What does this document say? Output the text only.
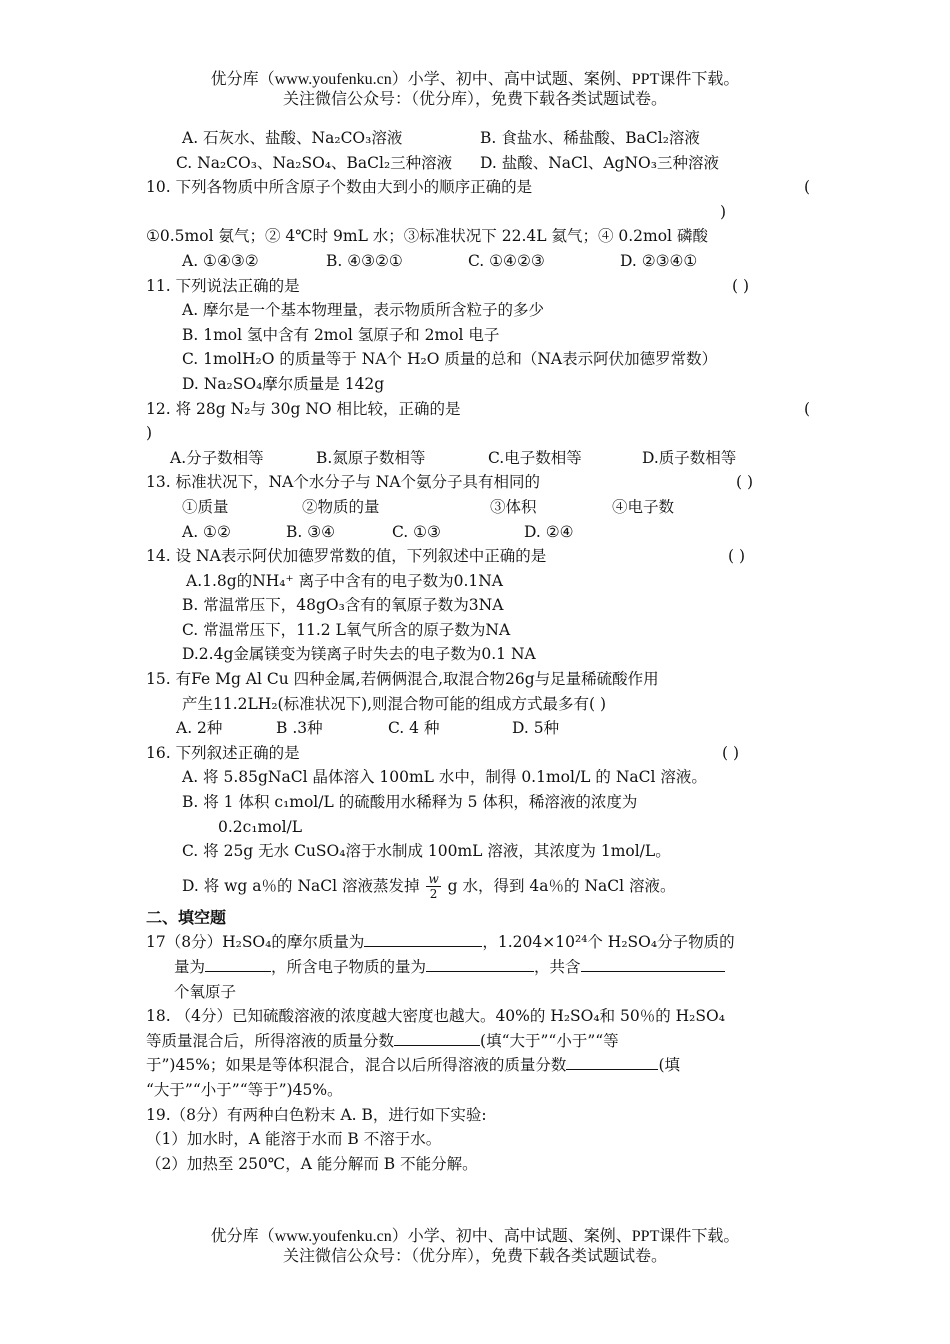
优分库（www.youfenku.cn）小学、初中、高中试题、案例、PPT课件下载。
关注微信公众号：（优分库），免费下载各类试题试卷。
A. 石灰水、盐酸、Na₂CO₃溶液	B. 食盐水、稀盐酸、BaCl₂溶液
C. Na₂CO₃、Na₂SO₄、BaCl₂三种溶液 D. 盐酸、NaCl、AgNO₃三种溶液
10. 下列各物质中所含原子个数由大到小的顺序正确的是	(
)
①0.5mol 氨气；② 4℃时 9mL 水；③标准状况下 22.4L 氦气；④ 0.2mol 磷酸
A. ①④③②	B. ④③②①	C. ①④②③	D. ②③④①
11. 下列说法正确的是	( )
A. 摩尔是一个基本物理量，表示物质所含粒子的多少
B. 1mol 氢中含有 2mol 氢原子和 2mol 电子
C. 1molH₂O 的质量等于 NA个 H₂O 质量的总和（NA表示阿伏加德罗常数）
D. Na₂SO₄摩尔质量是 142g
12. 将 28g N₂与 30g NO 相比较，正确的是	(
)
A.分子数相等	B.氮原子数相等	C.电子数相等	D.质子数相等
13. 标准状况下，NA个水分子与 NA个氨分子具有相同的	( )
①质量	②物质的量	③体积	④电子数
A. ①②	B. ③④	C. ①③	D. ②④
14. 设 NA表示阿伏加德罗常数的值，下列叙述中正确的是	( )
A.1.8g的NH₄⁺ 离子中含有的电子数为0.1NA
B. 常温常压下，48gO₃含有的氧原子数为3NA
C. 常温常压下，11.2 L氧气所含的原子数为NA
D.2.4g金属镁变为镁离子时失去的电子数为0.1 NA
15. 有Fe Mg Al Cu 四种金属,若俩俩混合,取混合物26g与足量稀硫酸作用
产生11.2LH₂(标准状况下),则混合物可能的组成方式最多有( )
A. 2种	B .3种	C. 4 种	D. 5种
16. 下列叙述正确的是	( )
A. 将 5.85gNaCl 晶体溶入 100mL 水中，制得 0.1mol/L 的 NaCl 溶液。
B. 将 1 体积 c₁mol/L 的硫酸用水稀释为 5 体积，稀溶液的浓度为
0.2c₁mol/L
C. 将 25g 无水 CuSO₄溶于水制成 100mL 溶液，其浓度为 1mol/L。
D. 将 wg a％的 NaCl 溶液蒸发掉 $\frac{w}{2}$ g 水，得到 4a％的 NaCl 溶液。
二、填空题
17（8分）H₂SO₄的摩尔质量为	，1.204×10²⁴个 H₂SO₄分子物质的
量为	，所含电子物质的量为	，共含
个氧原子
18. （4分）已知硫酸溶液的浓度越大密度也越大。40%的 H₂SO₄和 50％的 H₂SO₄
等质量混合后，所得溶液的质量分数	(填“大于”“小于”“等
于”)45%；如果是等体积混合，混合以后所得溶液的质量分数	(填
“大于”“小于”“等于”)45%。
19.（8分）有两种白色粉末 A. B，进行如下实验:
（1）加水时，A 能溶于水而 B 不溶于水。
（2）加热至 250℃，A 能分解而 B 不能分解。
优分库（www.youfenku.cn）小学、初中、高中试题、案例、PPT课件下载。
关注微信公众号：（优分库），免费下载各类试题试卷。
